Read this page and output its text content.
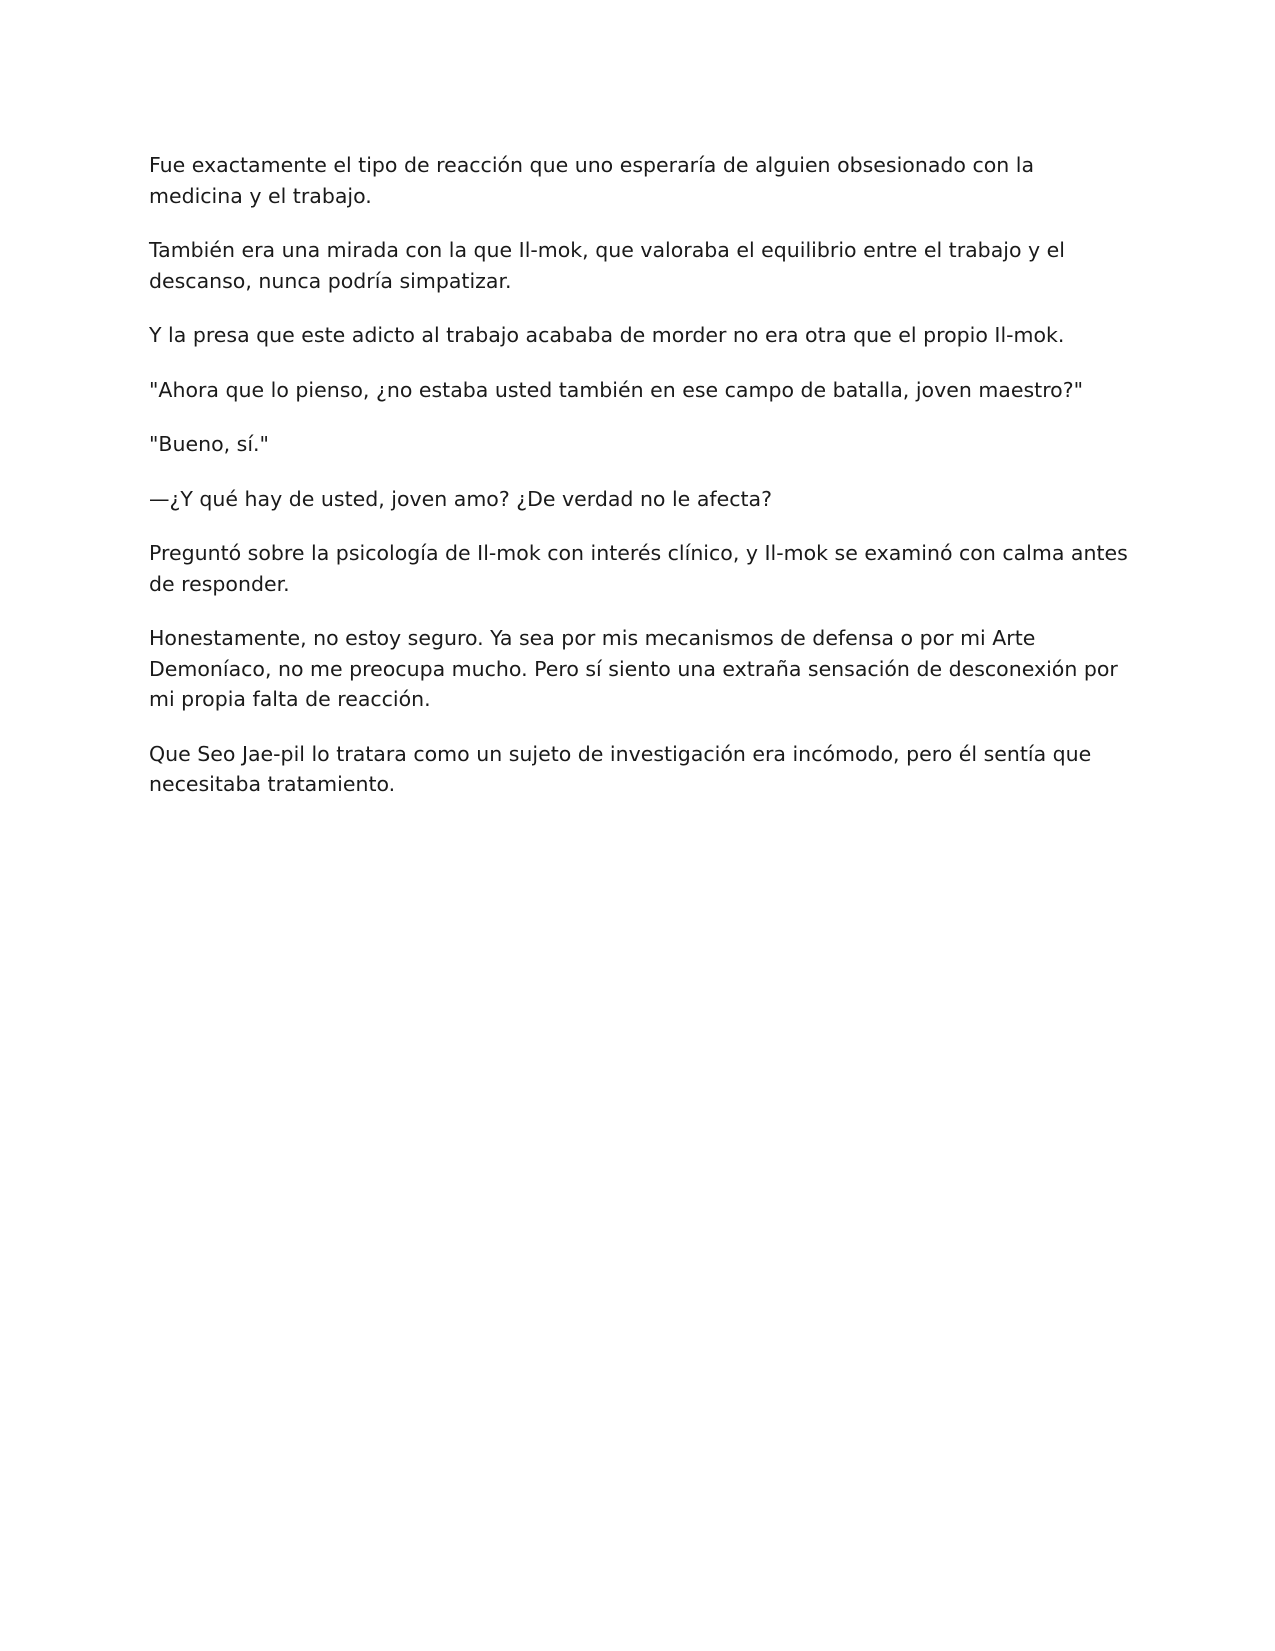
Fue exactamente el tipo de reacción que uno esperaría de alguien obsesionado con la medicina y el trabajo.

También era una mirada con la que Il-mok, que valoraba el equilibrio entre el trabajo y el descanso, nunca podría simpatizar.

Y la presa que este adicto al trabajo acababa de morder no era otra que el propio Il-mok.

"Ahora que lo pienso, ¿no estaba usted también en ese campo de batalla, joven maestro?"

"Bueno, sí."

—¿Y qué hay de usted, joven amo? ¿De verdad no le afecta?

Preguntó sobre la psicología de Il-mok con interés clínico, y Il-mok se examinó con calma antes de responder.

Honestamente, no estoy seguro. Ya sea por mis mecanismos de defensa o por mi Arte Demoníaco, no me preocupa mucho. Pero sí siento una extraña sensación de desconexión por mi propia falta de reacción.

Que Seo Jae-pil lo tratara como un sujeto de investigación era incómodo, pero él sentía que necesitaba tratamiento.
